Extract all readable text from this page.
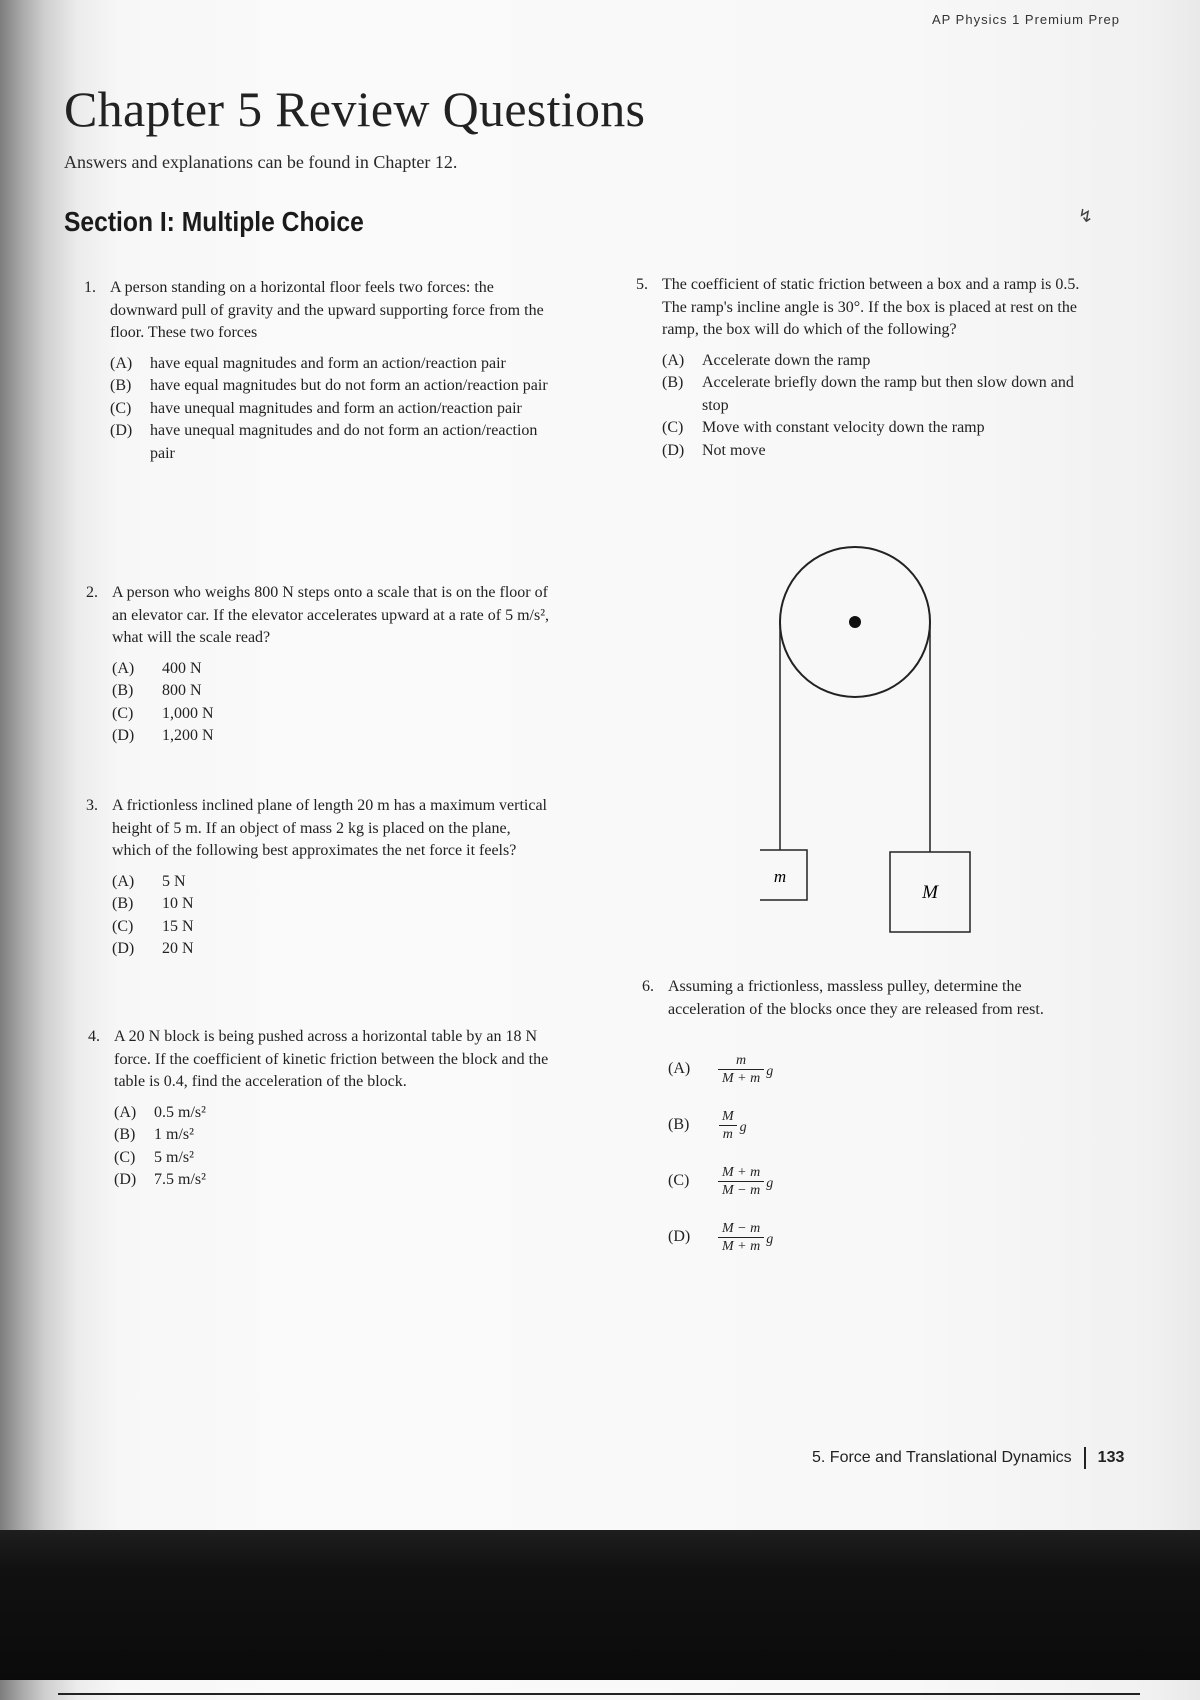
AP Physics 1 Premium Prep
↯
Chapter 5 Review Questions
Answers and explanations can be found in Chapter 12.
Section I: Multiple Choice
1. A person standing on a horizontal floor feels two forces: the downward pull of gravity and the upward supporting force from the floor. These two forces
(A)	have equal magnitudes and form an action/reaction pair
(B)	have equal magnitudes but do not form an action/reaction pair
(C)	have unequal magnitudes and form an action/reaction pair
(D)	have unequal magnitudes and do not form an action/reaction pair
2. A person who weighs 800 N steps onto a scale that is on the floor of an elevator car. If the elevator accelerates upward at a rate of 5 m/s², what will the scale read?
(A)	400 N
(B)	800 N
(C)	1,000 N
(D)	1,200 N
3. A frictionless inclined plane of length 20 m has a maximum vertical height of 5 m. If an object of mass 2 kg is placed on the plane, which of the following best approximates the net force it feels?
(A)	5 N
(B)	10 N
(C)	15 N
(D)	20 N
4. A 20 N block is being pushed across a horizontal table by an 18 N force. If the coefficient of kinetic friction between the block and the table is 0.4, find the acceleration of the block.
(A)	0.5 m/s²
(B)	1 m/s²
(C)	5 m/s²
(D)	7.5 m/s²
5. The coefficient of static friction between a box and a ramp is 0.5. The ramp's incline angle is 30°. If the box is placed at rest on the ramp, the box will do which of the following?
(A)	Accelerate down the ramp
(B)	Accelerate briefly down the ramp but then slow down and stop
(C)	Move with constant velocity down the ramp
(D)	Not move
m
M
6. Assuming a frictionless, massless pulley, determine the acceleration of the blocks once they are released from rest.
(A)	$\frac{m}{M + m}$ g
(B)	$\frac{M}{m}$ g
(C)	$\frac{M + m}{M - m}$ g
(D)	$\frac{M - m}{M + m}$ g
5. Force and Translational Dynamics 133
